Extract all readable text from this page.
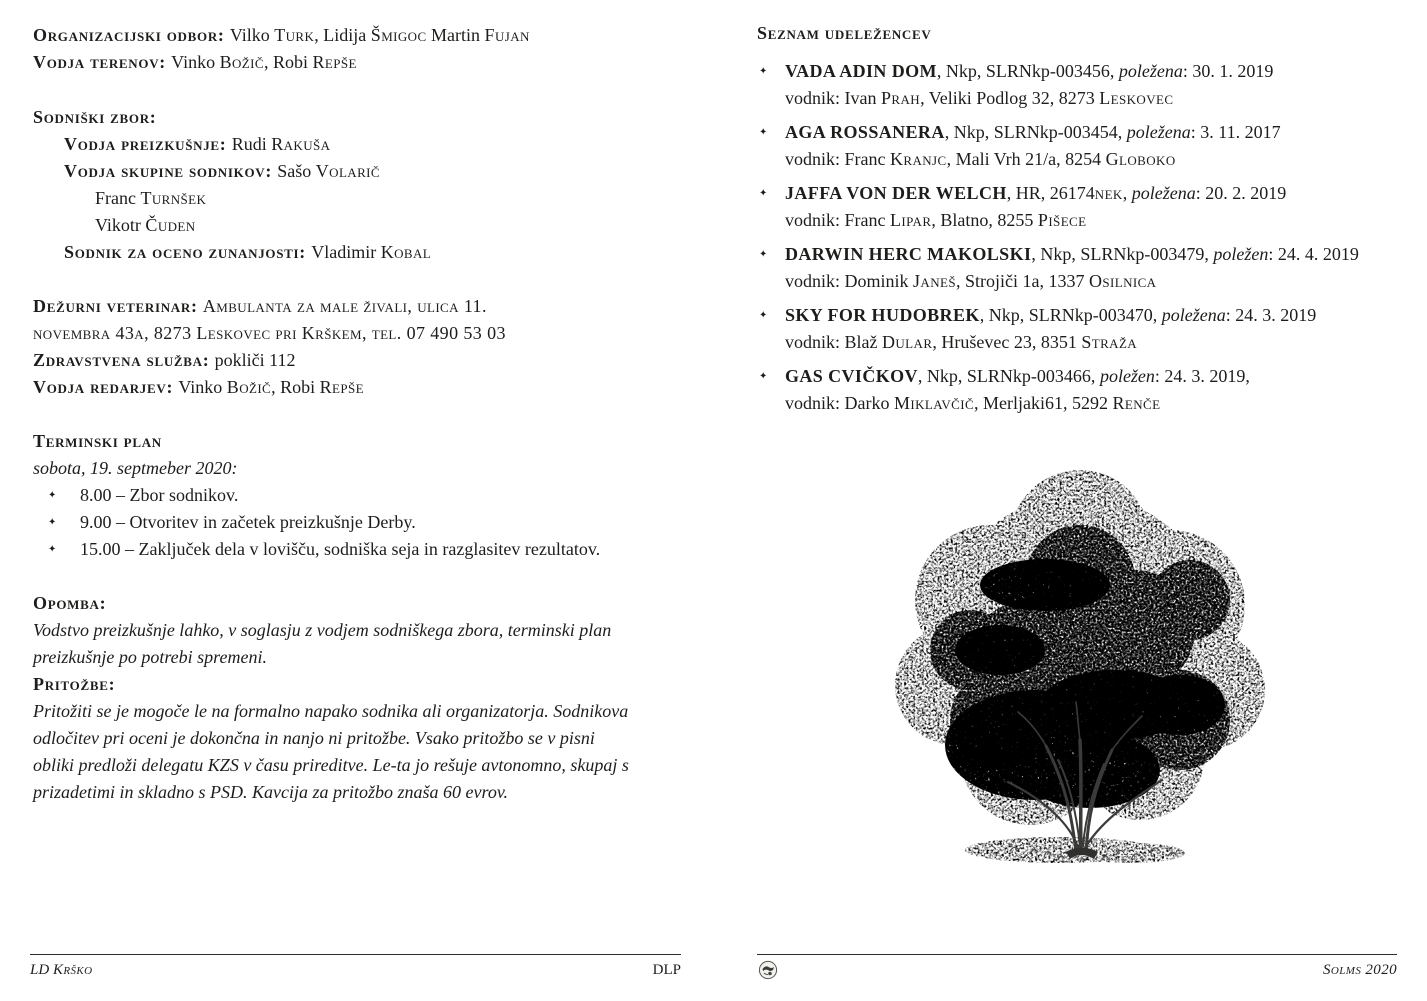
Organizacijski odbor: Vilko Turk, Lidija Šmigoc Martin Fujan
Vodja terenov: Vinko Božič, Robi Repše
Sodniški zbor:
Vodja preizkušnje: Rudi Rakuša
Vodja skupine sodnikov: Sašo Volarič
Franc Turnšek
Vikotr Čuden
Sodnik za oceno zunanjosti: Vladimir Kobal
Dežurni veterinar: Ambulanta za male živali, ulica 11.
novembra 43a, 8273 Leskovec pri Krškem, tel. 07 490 53 03
Zdravstvena služba: pokliči 112
Vodja redarjev: Vinko Božič, Robi Repše
Terminski plan
sobota, 19. septmeber 2020:
✦ 8.00 – Zbor sodnikov.
✦ 9.00 – Otvoritev in začetek preizkušnje Derby.
✦ 15.00 – Zaključek dela v lovišču, sodniška seja in razglasitev rezultatov.
Opomba:
Vodstvo preizkušnje lahko, v soglasju z vodjem sodniškega zbora, terminski plan
preizkušnje po potrebi spremeni.
Pritožbe:
Pritožiti se je mogoče le na formalno napako sodnika ali organizatorja. Sodnikova
odločitev pri oceni je dokončna in nanjo ni pritožbe. Vsako pritožbo se v pisni
obliki predloži delegatu KZS v času prireditve. Le-ta jo rešuje avtonomno, skupaj s
prizadetimi in skladno s PSD. Kavcija za pritožbo znaša 60 evrov.
Seznam udeležencev
✦ VADA ADIN DOM, Nkp, SLRNkp-003456, poležena: 30. 1. 2019
vodnik: Ivan Prah, Veliki Podlog 32, 8273 Leskovec
✦ AGA ROSSANERA, Nkp, SLRNkp-003454, poležena: 3. 11. 2017
vodnik: Franc Kranjc, Mali Vrh 21/a, 8254 Globoko
✦ JAFFA VON DER WELCH, HR, 26174nek, poležena: 20. 2. 2019
vodnik: Franc Lipar, Blatno, 8255 Pišece
✦ DARWIN HERC MAKOLSKI, Nkp, SLRNkp-003479, poležen: 24. 4. 2019
vodnik: Dominik Janeš, Strojiči 1a, 1337 Osilnica
✦ SKY FOR HUDOBREK, Nkp, SLRNkp-003470, poležena: 24. 3. 2019
vodnik: Blaž Dular, Hruševec 23, 8351 Straža
✦ GAS CVIČKOV, Nkp, SLRNkp-003466, poležen: 24. 3. 2019,
vodnik: Darko Miklavčič, Merljaki61, 5292 Renče
LD Krško	DLP	Solms 2020
